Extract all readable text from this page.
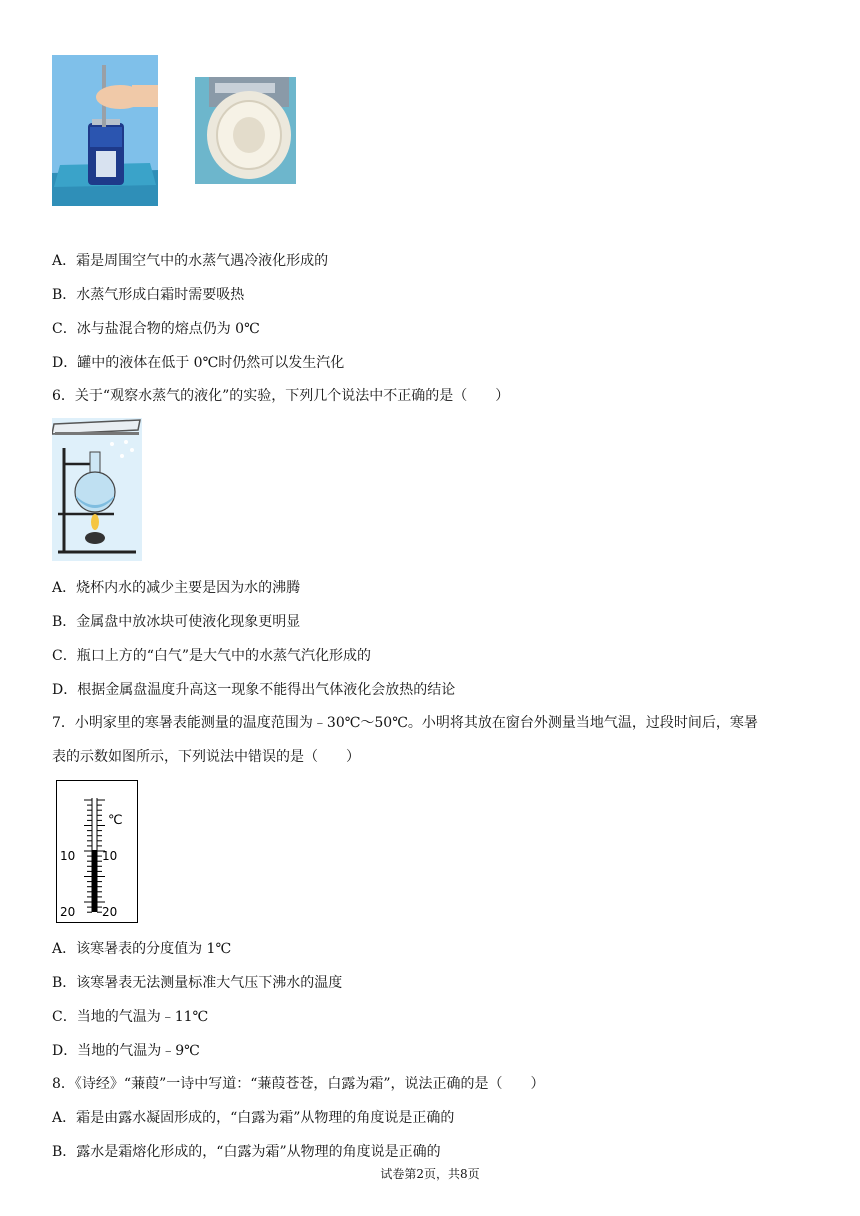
A．霜是周围空气中的水蒸气遇冷液化形成的
B．水蒸气形成白霜时需要吸热
C．冰与盐混合物的熔点仍为 0℃
D．罐中的液体在低于 0℃时仍然可以发生汽化
6．关于“观察水蒸气的液化”的实验，下列几个说法中不正确的是（　　）
A．烧杯内水的减少主要是因为水的沸腾
B．金属盘中放冰块可使液化现象更明显
C．瓶口上方的“白气”是大气中的水蒸气汽化形成的
D．根据金属盘温度升高这一现象不能得出气体液化会放热的结论
7．小明家里的寒暑表能测量的温度范围为﹣30℃～50℃。小明将其放在窗台外测量当地气温，过段时间后，寒暑
表的示数如图所示，下列说法中错误的是（　　）
℃
10 10
20 20
A．该寒暑表的分度值为 1℃
B．该寒暑表无法测量标准大气压下沸水的温度
C．当地的气温为﹣11℃
D．当地的气温为﹣9℃
8．《诗经》“蒹葭”一诗中写道：“蒹葭苍苍，白露为霜”，说法正确的是（　　）
A．霜是由露水凝固形成的，“白露为霜”从物理的角度说是正确的
B．露水是霜熔化形成的，“白露为霜”从物理的角度说是正确的
试卷第2页，共8页
